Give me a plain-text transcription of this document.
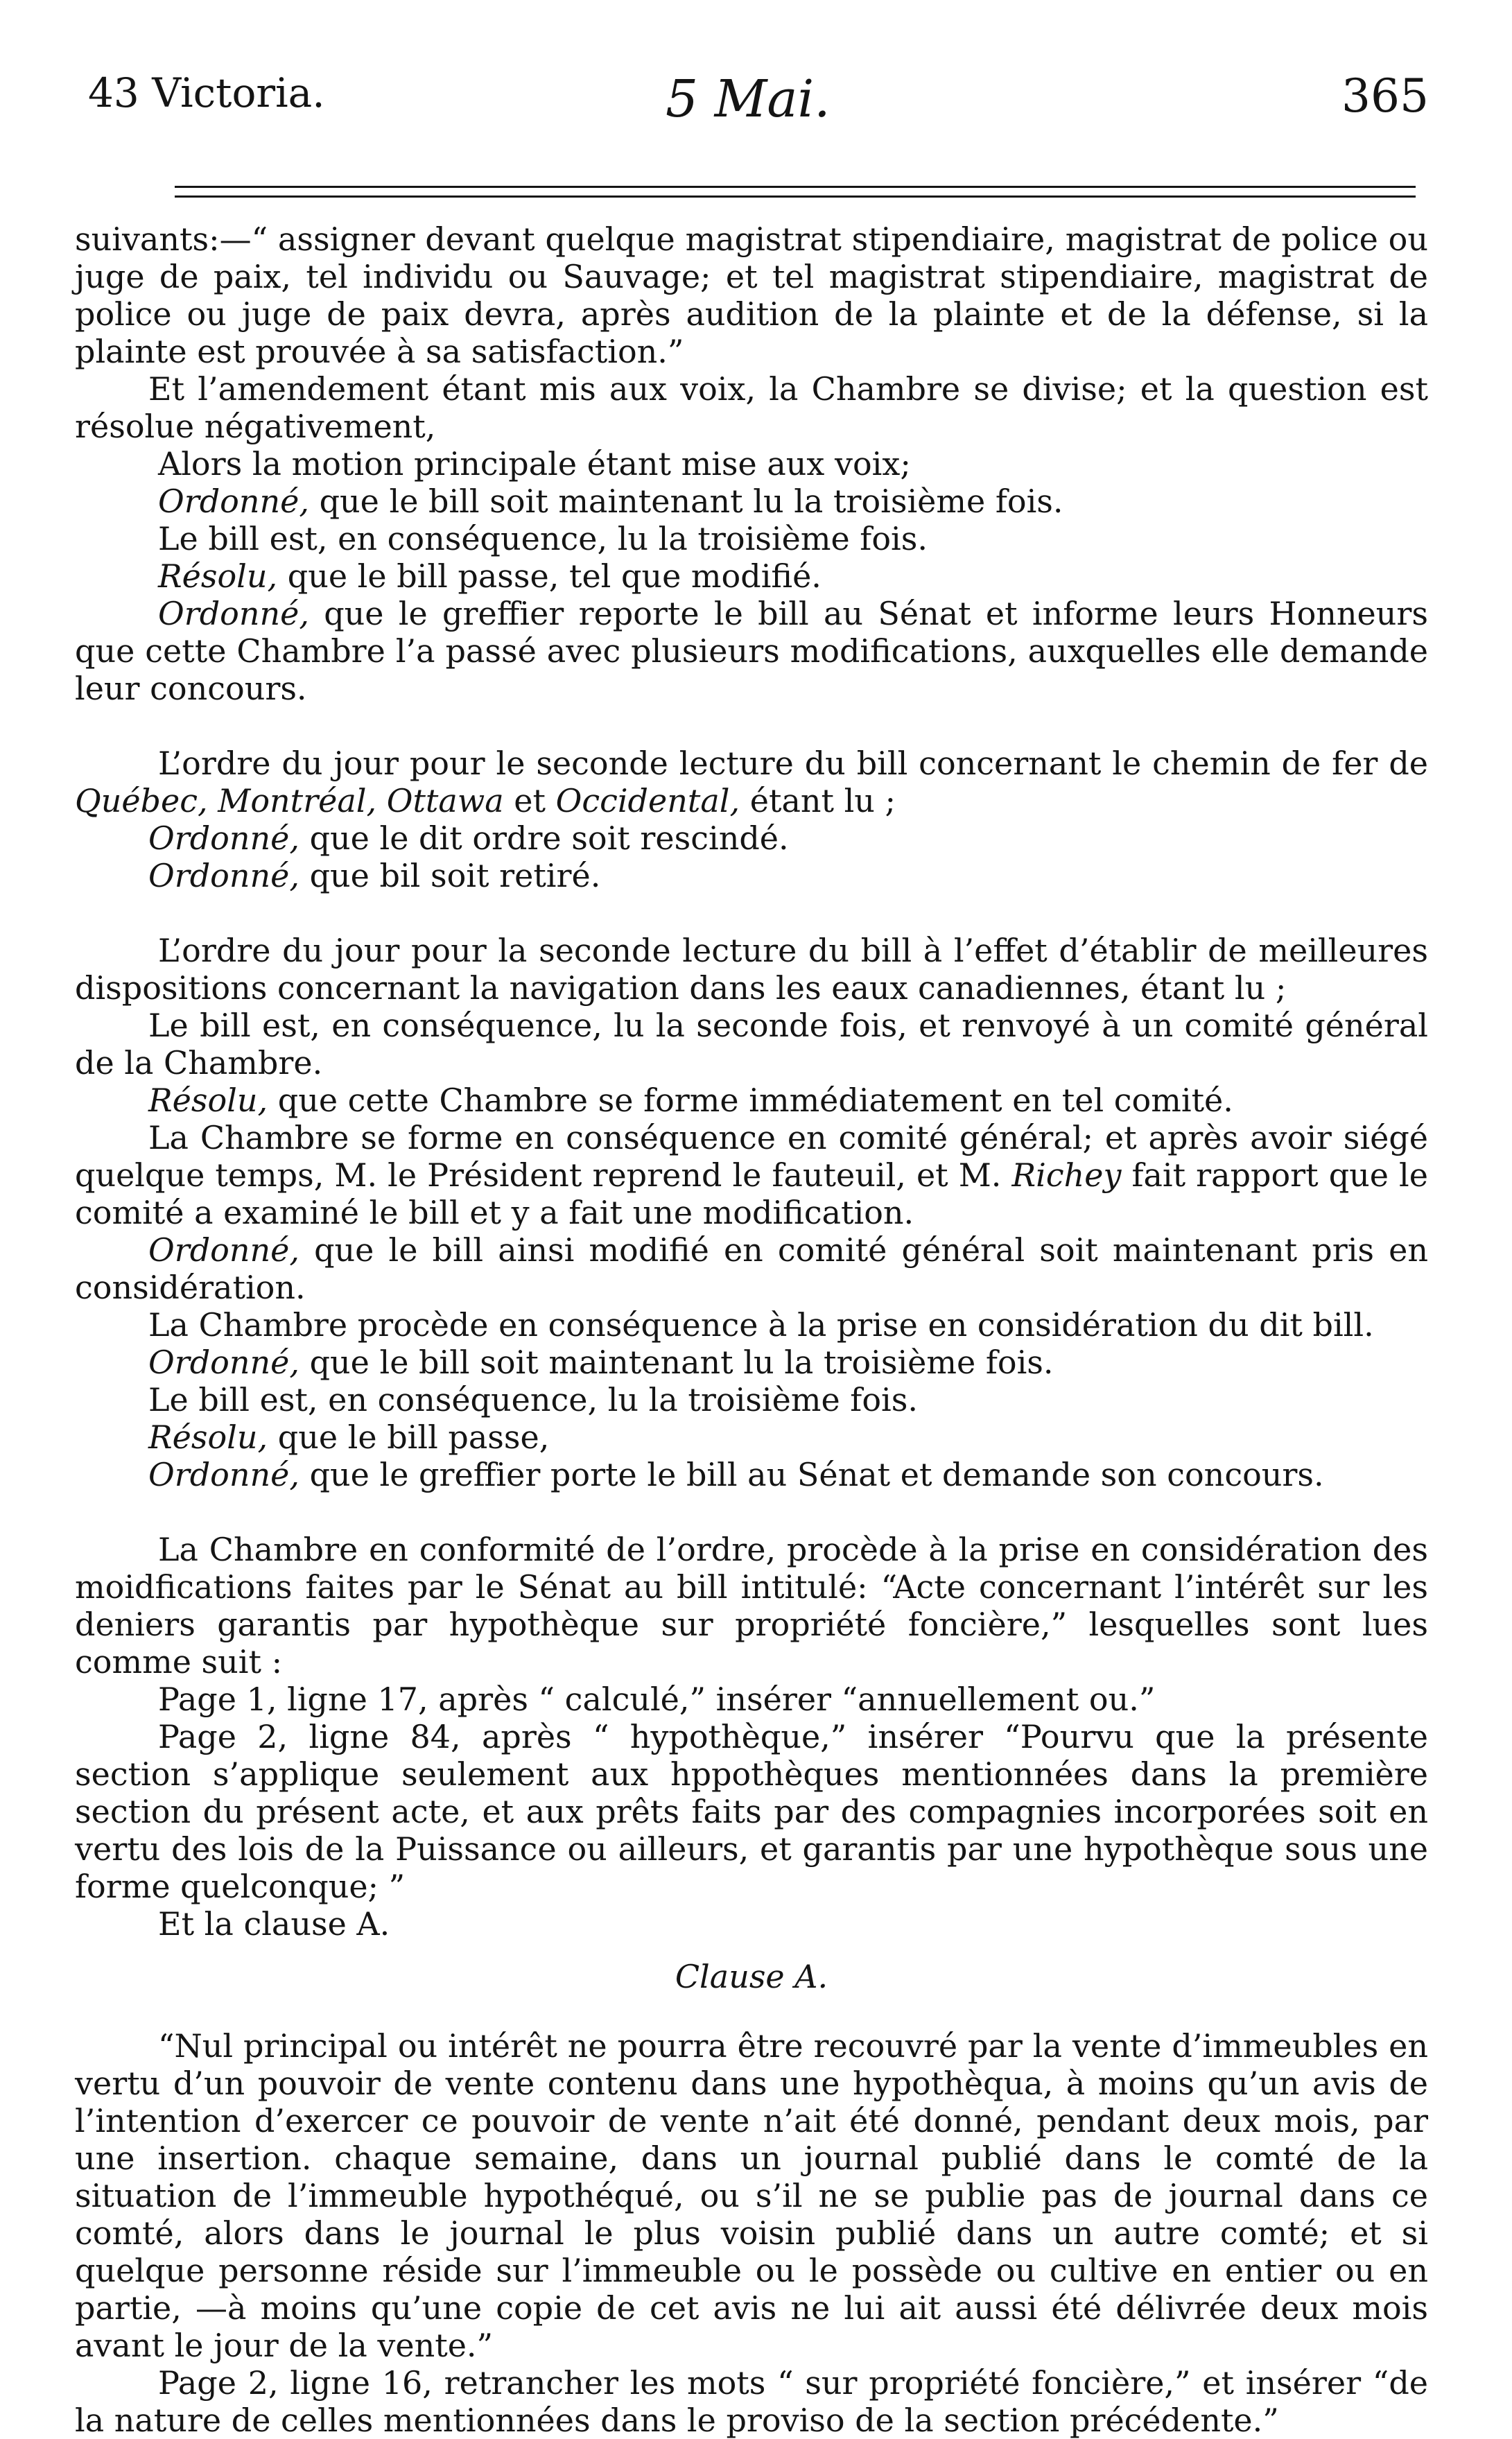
43 Victoria.	5 Mai.	365

suivants:—“ assigner devant quelque magistrat stipendiaire, magistrat de police ou juge de paix, tel individu ou Sauvage; et tel magistrat stipendiaire, magistrat de police ou juge de paix devra, après audition de la plainte et de la défense, si la plainte est prouvée à sa satisfaction.”

Et l’amendement étant mis aux voix, la Chambre se divise; et la question est résolue négativement,

Alors la motion principale étant mise aux voix;

Ordonné, que le bill soit maintenant lu la troisième fois.

Le bill est, en conséquence, lu la troisième fois.

Résolu, que le bill passe, tel que modifié.

Ordonné, que le greffier reporte le bill au Sénat et informe leurs Honneurs que cette Chambre l’a passé avec plusieurs modifications, auxquelles elle demande leur concours.

L’ordre du jour pour le seconde lecture du bill concernant le chemin de fer de Québec, Montréal, Ottawa et Occidental, étant lu ;

Ordonné, que le dit ordre soit rescindé.

Ordonné, que bil soit retiré.

L’ordre du jour pour la seconde lecture du bill à l’effet d’établir de meilleures dispositions concernant la navigation dans les eaux canadiennes, étant lu ;

Le bill est, en conséquence, lu la seconde fois, et renvoyé à un comité général de la Chambre.

Résolu, que cette Chambre se forme immédiatement en tel comité.

La Chambre se forme en conséquence en comité général; et après avoir siégé quelque temps, M. le Président reprend le fauteuil, et M. Richey fait rapport que le comité a examiné le bill et y a fait une modification.

Ordonné, que le bill ainsi modifié en comité général soit maintenant pris en considération.

La Chambre procède en conséquence à la prise en considération du dit bill.

Ordonné, que le bill soit maintenant lu la troisième fois.

Le bill est, en conséquence, lu la troisième fois.

Résolu, que le bill passe,

Ordonné, que le greffier porte le bill au Sénat et demande son concours.

La Chambre en conformité de l’ordre, procède à la prise en considération des moidfications faites par le Sénat au bill intitulé: “Acte concernant l’intérêt sur les deniers garantis par hypothèque sur propriété foncière,” lesquelles sont lues comme suit :

Page 1, ligne 17, après “ calculé,” insérer “annuellement ou.”

Page 2, ligne 84, après “ hypothèque,” insérer “Pourvu que la présente section s’applique seulement aux hppothèques mentionnées dans la première section du présent acte, et aux prêts faits par des compagnies incorporées soit en vertu des lois de la Puissance ou ailleurs, et garantis par une hypothèque sous une forme quelconque; ”

Et la clause A.

Clause A.

“Nul principal ou intérêt ne pourra être recouvré par la vente d’immeubles en vertu d’un pouvoir de vente contenu dans une hypothèqua, à moins qu’un avis de l’intention d’exercer ce pouvoir de vente n’ait été donné, pendant deux mois, par une insertion. chaque semaine, dans un journal publié dans le comté de la situation de l’immeuble hypothéqué, ou s’il ne se publie pas de journal dans ce comté, alors dans le journal le plus voisin publié dans un autre comté; et si quelque personne réside sur l’immeuble ou le possède ou cultive en entier ou en partie, —à moins qu’une copie de cet avis ne lui ait aussi été délivrée deux mois avant le jour de la vente.”

Page 2, ligne 16, retrancher les mots “ sur propriété foncière,” et insérer “de la nature de celles mentionnées dans le proviso de la section précédente.”
